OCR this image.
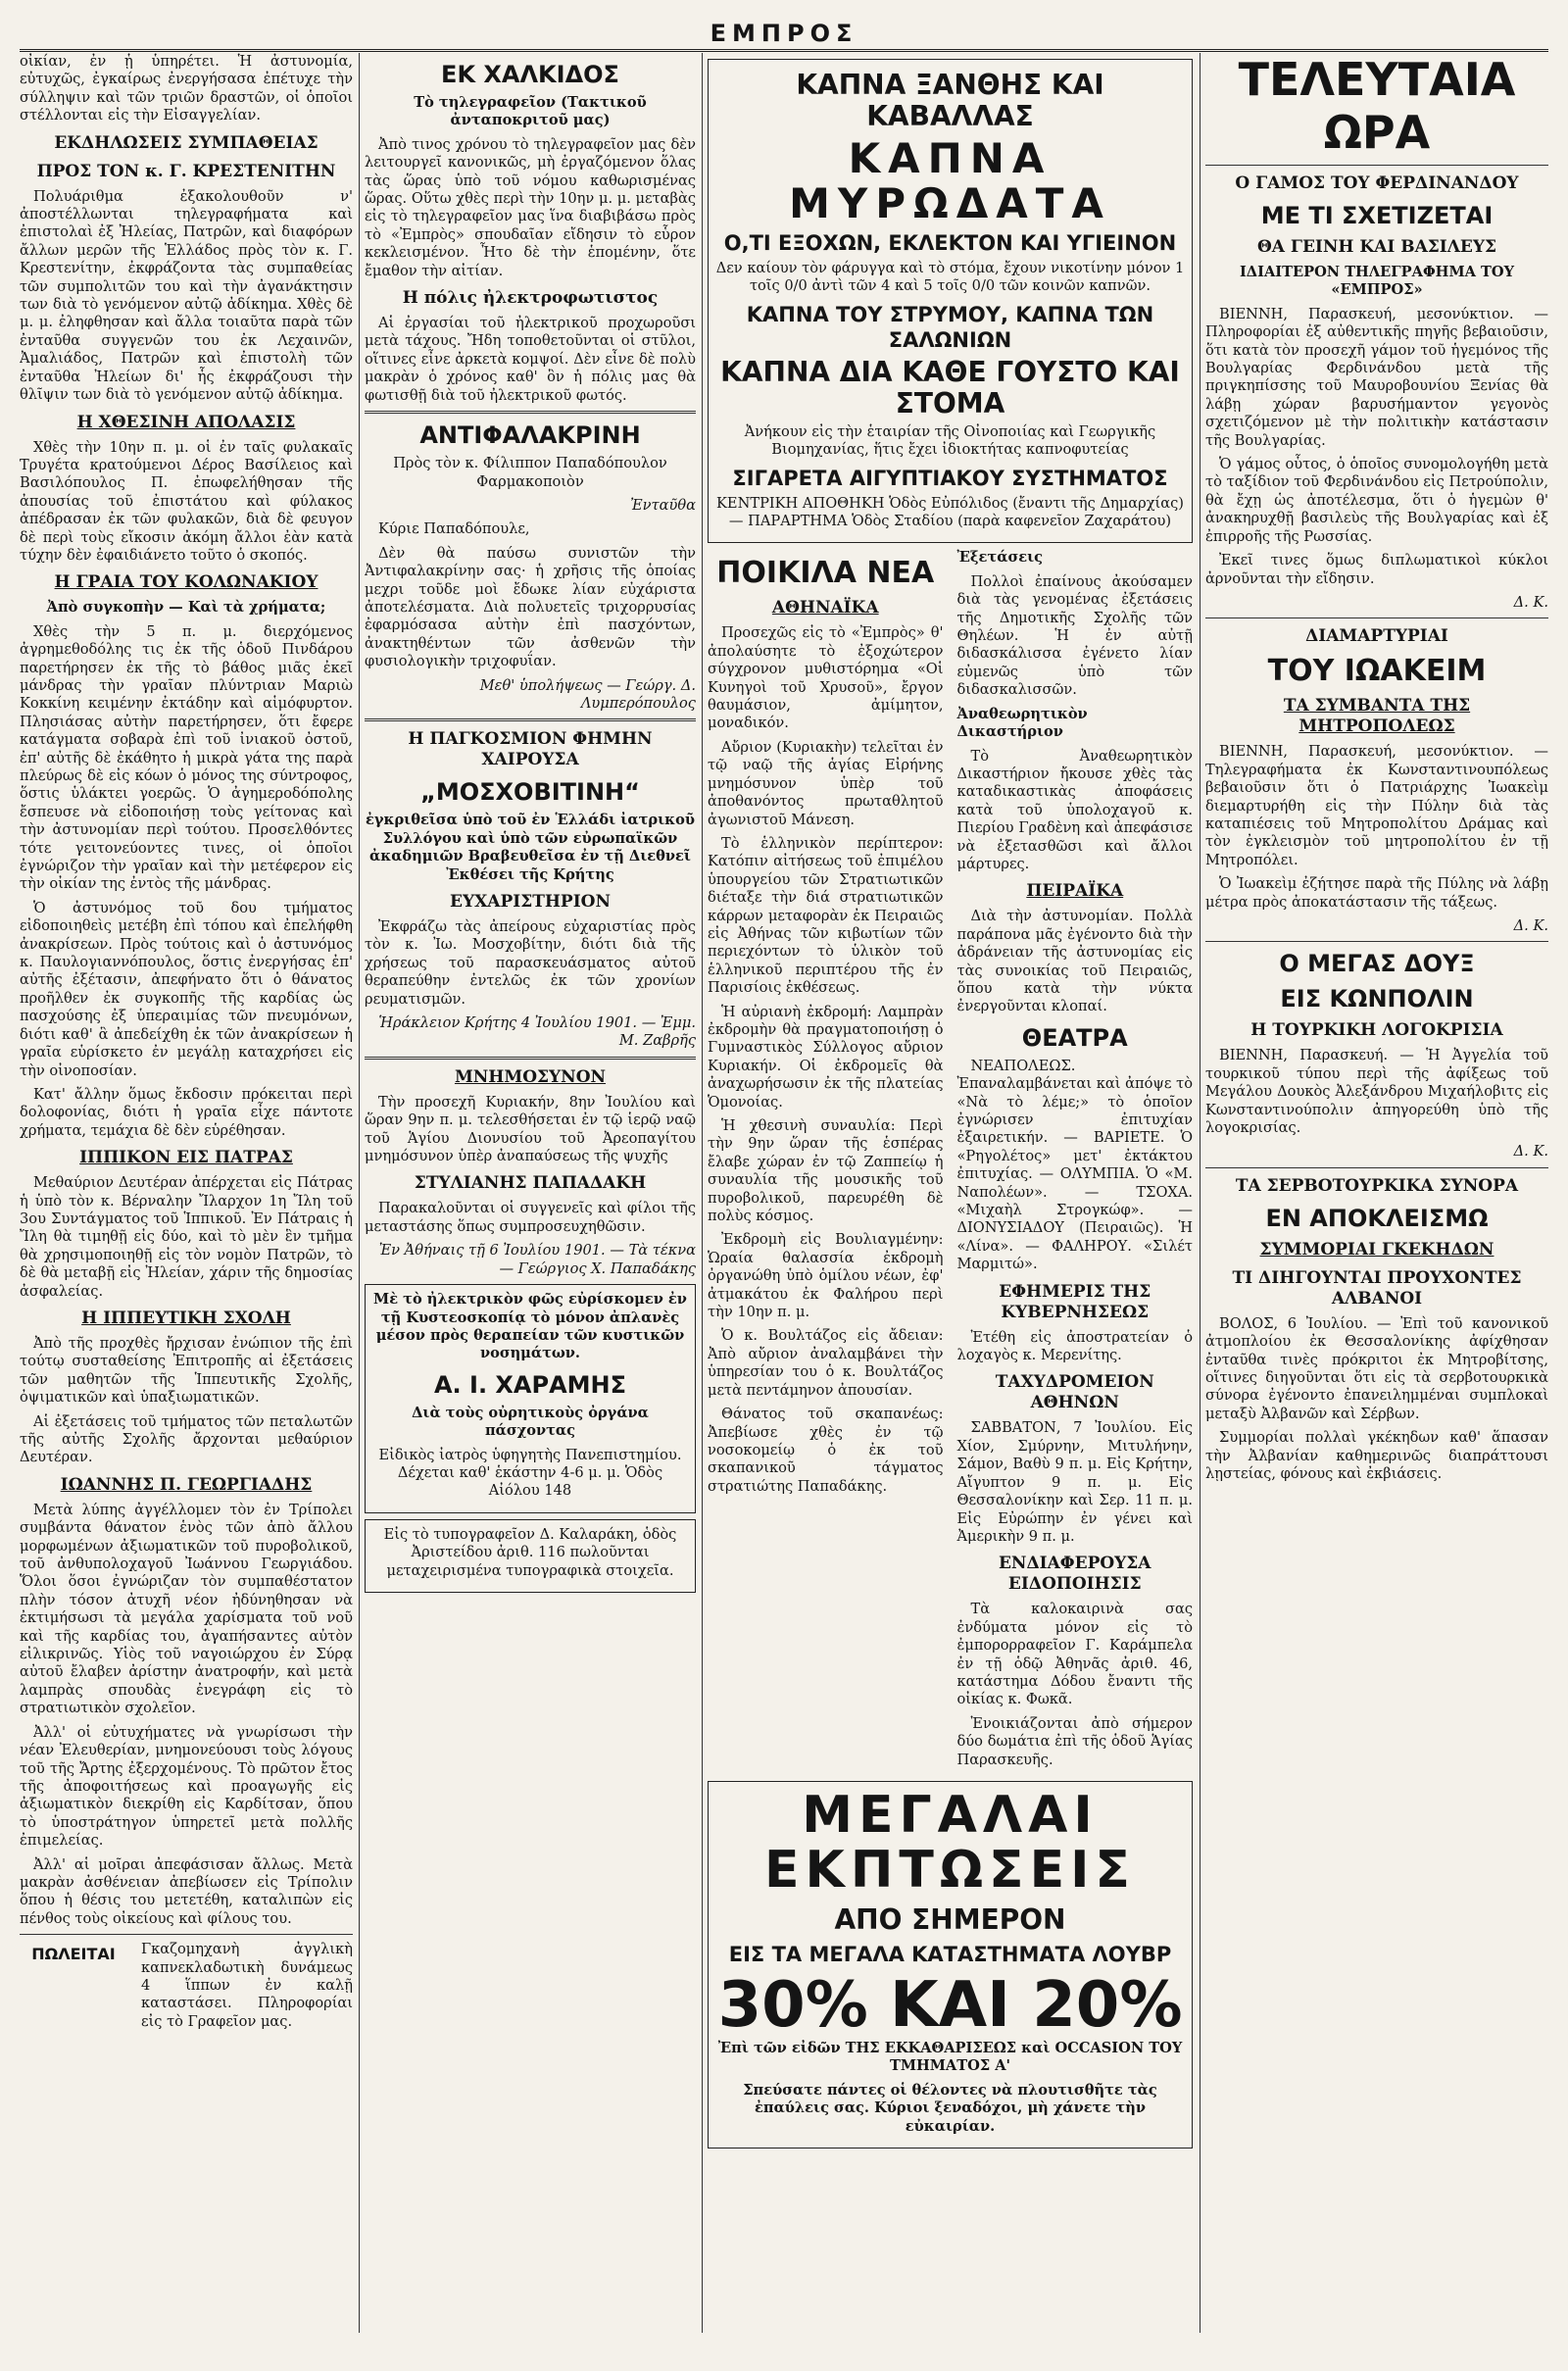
ΕΜΠΡΟΣ

οἰκίαν, ἐν ᾗ ὑπηρέτει. Ἡ ἀστυνομία, εὐτυχῶς, ἐγκαίρως ἐνεργήσασα ἐπέτυχε τὴν σύλληψιν καὶ τῶν τριῶν δραστῶν, οἱ ὁποῖοι στέλλονται εἰς τὴν Εἰσαγγελίαν.

ΕΚΔΗΛΩΣΕΙΣ ΣΥΜΠΑΘΕΙΑΣ
ΠΡΟΣ ΤΟΝ κ. Γ. ΚΡΕΣΤΕΝΙΤΗΝ

Πολυάριθμα ἐξακολουθοῦν ν' ἀποστέλλωνται τηλεγραφήματα καὶ ἐπιστολαὶ ἐξ Ἠλείας, Πατρῶν, καὶ διαφόρων ἄλλων μερῶν τῆς Ἑλλάδος πρὸς τὸν κ. Γ. Κρεστενίτην, ἐκφράζοντα τὰς συμπαθείας τῶν συμπολιτῶν του καὶ τὴν ἀγανάκτησιν των διὰ τὸ γενόμενον αὐτῷ ἀδίκημα. Χθὲς δὲ μ. μ. ἐληφθησαν καὶ ἄλλα τοιαῦτα παρὰ τῶν ἐνταῦθα συγγενῶν του ἐκ Λεχαινῶν, Ἀμαλιάδος, Πατρῶν καὶ ἐπιστολὴ τῶν ἐνταῦθα Ἠλείων δι' ἧς ἐκφράζουσι τὴν θλῖψιν των διὰ τὸ γενόμενον αὐτῷ ἀδίκημα.

Η ΧΘΕΣΙΝΗ ΑΠΟΛΑΣΙΣ

Χθὲς τὴν 10ην π. μ. οἱ ἐν ταῖς φυλακαῖς Τρυγέτα κρατούμενοι Δέρος Βασίλειος καὶ Βασιλόπουλος Π. ἐπωφελήθησαν τῆς ἀπουσίας τοῦ ἐπιστάτου καὶ φύλακος ἀπέδρασαν ἐκ τῶν φυλακῶν, διὰ δὲ φευγον δὲ περὶ τοὺς εἴκοσιν ἀκόμη ἄλλοι ἐὰν κατὰ τύχην δὲν ἐφαιδιάνετο τοῦτο ὁ σκοπός.

Η ΓΡΑΙΑ ΤΟΥ ΚΟΛΩΝΑΚΙΟΥ

Ἀπὸ συγκοπὴν — Καὶ τὰ χρήματα;

Χθὲς τὴν 5 π. μ. διερχόμενος ἀγρημεθοδόλης τις ἐκ τῆς ὁδοῦ Πινδάρου παρετήρησεν ἐκ τῆς τὸ βάθος μιᾶς ἐκεῖ μάνδρας τὴν γραῖαν πλύντριαν Μαριὼ Κοκκίνη κειμένην ἐκτάδην καὶ αἱμόφυρτον. Πλησιάσας αὐτὴν παρετήρησεν, ὅτι ἔφερε κατάγματα σοβαρὰ ἐπὶ τοῦ ἰνιακοῦ ὀστοῦ, ἐπ' αὐτῆς δὲ ἐκάθητο ἡ μικρὰ γάτα της παρὰ πλεύρως δὲ εἰς κόων ὁ μόνος της σύντροφος, ὅστις ὑλάκτει γοερῶς. Ὁ ἀγημεροδόπολης ἔσπευσε νὰ εἰδοποιήσῃ τοὺς γείτονας καὶ τὴν ἀστυνομίαν περὶ τούτου. Προσελθόντες τότε γειτονεύοντες τινες, οἱ ὁποῖοι ἐγνώριζον τὴν γραῖαν καὶ τὴν μετέφερον εἰς τὴν οἰκίαν της ἐντὸς τῆς μάνδρας.

Ὁ ἀστυνόμος τοῦ δου τμήματος εἰδοποιηθεὶς μετέβη ἐπὶ τόπου καὶ ἐπελήφθη ἀνακρίσεων. Πρὸς τούτοις καὶ ὁ ἀστυνόμος κ. Παυλογιαννόπουλος, ὅστις ἐνεργήσας ἐπ' αὐτῆς ἐξέτασιν, ἀπεφήνατο ὅτι ὁ θάνατος προῆλθεν ἐκ συγκοπῆς τῆς καρδίας ὡς πασχούσης ἐξ ὑπεραιμίας τῶν πνευμόνων, διότι καθ' ἃ ἀπεδείχθη ἐκ τῶν ἀνακρίσεων ἡ γραῖα εὑρίσκετο ἐν μεγάλῃ καταχρήσει εἰς τὴν οἰνοποσίαν.

Κατ' ἄλλην ὅμως ἔκδοσιν πρόκειται περὶ δολοφονίας, διότι ἡ γραῖα εἶχε πάντοτε χρήματα, τεμάχια δὲ δὲν εὑρέθησαν.

ΙΠΠΙΚΟΝ ΕΙΣ ΠΑΤΡΑΣ

Μεθαύριον Δευτέραν ἀπέρχεται εἰς Πάτρας ἡ ὑπὸ τὸν κ. Βέρναλην Ἴλαρχον 1η Ἴλη τοῦ 3ου Συντάγματος τοῦ Ἱππικοῦ. Ἐν Πάτραις ἡ Ἴλη θὰ τιμηθῇ εἰς δύο, καὶ τὸ μὲν ἓν τμῆμα θὰ χρησιμοποιηθῇ εἰς τὸν νομὸν Πατρῶν, τὸ δὲ θὰ μεταβῇ εἰς Ἠλείαν, χάριν τῆς δημοσίας ἀσφαλείας.

Η ΙΠΠΕΥΤΙΚΗ ΣΧΟΛΗ

Ἀπὸ τῆς προχθὲς ἤρχισαν ἐνώπιον τῆς ἐπὶ τούτῳ συσταθείσης Ἐπιτροπῆς αἱ ἐξετάσεις τῶν μαθητῶν τῆς Ἱππευτικῆς Σχολῆς, ὀψιματικῶν καὶ ὑπαξιωματικῶν.

Αἱ ἐξετάσεις τοῦ τμήματος τῶν πεταλωτῶν τῆς αὐτῆς Σχολῆς ἄρχονται μεθαύριον Δευτέραν.

ΙΩΑΝΝΗΣ Π. ΓΕΩΡΓΙΑΔΗΣ

Μετὰ λύπης ἀγγέλλομεν τὸν ἐν Τρίπολει συμβάντα θάνατον ἑνὸς τῶν ἀπὸ ἄλλου μορφωμένων ἀξιωματικῶν τοῦ πυροβολικοῦ, τοῦ ἀνθυπολοχαγοῦ Ἰωάννου Γεωργιάδου. Ὅλοι ὅσοι ἐγνώριζαν τὸν συμπαθέστατον πλὴν τόσον ἀτυχῆ νέον ἠδύνηθησαν νὰ ἐκτιμήσωσι τὰ μεγάλα χαρίσματα τοῦ νοῦ καὶ τῆς καρδίας του, ἀγαπήσαντες αὐτὸν εἰλικρινῶς. Υἱὸς τοῦ ναγοιώρχου ἐν Σύρᾳ αὐτοῦ ἔλαβεν ἀρίστην ἀνατροφήν, καὶ μετὰ λαμπρὰς σπουδὰς ἐνεγράφη εἰς τὸ στρατιωτικὸν σχολεῖον.

Ἀλλ' οἱ εὐτυχήματες νὰ γνωρίσωσι τὴν νέαν Ἐλευθερίαν, μνημονεύουσι τοὺς λόγους τοῦ τῆς Ἄρτης ἐξερχομένους. Τὸ πρῶτον ἔτος τῆς ἀποφοιτήσεως καὶ προαγωγῆς εἰς ἀξιωματικὸν διεκρίθη εἰς Καρδίτσαν, ὅπου τὸ ὑποστράτηγον ὑπηρετεῖ μετὰ πολλῆς ἐπιμελείας.

Ἀλλ' αἱ μοῖραι ἀπεφάσισαν ἄλλως. Μετὰ μακρὰν ἀσθένειαν ἀπεβίωσεν εἰς Τρίπολιν ὅπου ἡ θέσις του μετετέθη, καταλιπὼν εἰς πένθος τοὺς οἰκείους καὶ φίλους του.

ΠΩΛΕΙΤΑΙ	Γκαζομηχανὴ ἀγγλικὴ καπνεκλαδωτικὴ δυνάμεως 4 ἵππων ἐν καλῇ καταστάσει. Πληροφορίαι εἰς τὸ Γραφεῖον μας.

ΕΚ ΧΑΛΚΙΔΟΣ

Τὸ τηλεγραφεῖον (Τακτικοῦ ἀνταποκριτοῦ μας)

Ἀπὸ τινος χρόνου τὸ τηλεγραφεῖον μας δὲν λειτουργεῖ κανονικῶς, μὴ ἐργαζόμενον ὅλας τὰς ὥρας ὑπὸ τοῦ νόμου καθωρισμένας ὥρας. Οὕτω χθὲς περὶ τὴν 10ην μ. μ. μεταβὰς εἰς τὸ τηλεγραφεῖον μας ἵνα διαβιβάσω πρὸς τὸ «Ἐμπρὸς» σπουδαῖαν εἴδησιν τὸ εὗρον κεκλεισμένον. Ἦτο δὲ τὴν ἑπομένην, ὅτε ἔμαθον τὴν αἰτίαν.

Η πόλις ἠλεκτροφωτιστος

Αἱ ἐργασίαι τοῦ ἠλεκτρικοῦ προχωροῦσι μετὰ τάχους. Ἤδη τοποθετοῦνται οἱ στῦλοι, οἵτινες εἶνε ἀρκετὰ κομψοί. Δὲν εἶνε δὲ πολὺ μακρὰν ὁ χρόνος καθ' ὃν ἡ πόλις μας θὰ φωτισθῇ διὰ τοῦ ἠλεκτρικοῦ φωτός.

ΑΝΤΙΦΑΛΑΚΡΙΝΗ

Πρὸς τὸν κ. Φίλιππον Παπαδόπουλον Φαρμακοποιὸν

Ἐνταῦθα

Κύριε Παπαδόπουλε,

Δὲν θὰ παύσω συνιστῶν τὴν Ἀντιφαλακρίνην σας· ἡ χρῆσις τῆς ὁποίας μεχρι τοῦδε μοὶ ἔδωκε λίαν εὐχάριστα ἀποτελέσματα. Διὰ πολυετεῖς τριχορρυσίας ἐφαρμόσασα αὐτὴν ἐπὶ πασχόντων, ἀνακτηθέντων τῶν ἀσθενῶν τὴν φυσιολογικὴν τριχοφυΐαν.

Μεθ' ὑπολήψεως — Γεώργ. Δ. Λυμπερόπουλος

Η ΠΑΓΚΟΣΜΙΟΝ ΦΗΜΗΝ ΧΑΙΡΟΥΣΑ
„ΜΟΣΧΟΒΙΤΙΝΗ“

ἐγκριθεῖσα ὑπὸ τοῦ ἐν Ἑλλάδι ἰατρικοῦ Συλλόγου καὶ ὑπὸ τῶν εὐρωπαϊκῶν ἀκαδημιῶν Βραβευθεῖσα ἐν τῇ Διεθνεῖ Ἐκθέσει τῆς Κρήτης

ΕΥΧΑΡΙΣΤΗΡΙΟΝ

Ἐκφράζω τὰς ἀπείρους εὐχαριστίας πρὸς τὸν κ. Ἰω. Μοσχοβίτην, διότι διὰ τῆς χρήσεως τοῦ παρασκευάσματος αὐτοῦ θεραπεύθην ἐντελῶς ἐκ τῶν χρονίων ρευματισμῶν.

Ἡράκλειον Κρήτης 4 Ἰουλίου 1901. — Ἐμμ. Μ. Ζαβρῆς

ΜΝΗΜΟΣΥΝΟΝ

Τὴν προσεχῆ Κυριακήν, 8ην Ἰουλίου καὶ ὥραν 9ην π. μ. τελεσθήσεται ἐν τῷ ἱερῷ ναῷ τοῦ Ἁγίου Διονυσίου τοῦ Ἀρεοπαγίτου μνημόσυνον ὑπὲρ ἀναπαύσεως τῆς ψυχῆς

ΣΤΥΛΙΑΝΗΣ ΠΑΠΑΔΑΚΗ

Παρακαλοῦνται οἱ συγγενεῖς καὶ φίλοι τῆς μεταστάσης ὅπως συμπροσευχηθῶσιν.

Ἐν Ἀθήναις τῇ 6 Ἰουλίου 1901. — Τὰ τέκνα — Γεώργιος Χ. Παπαδάκης

Μὲ τὸ ἠλεκτρικὸν φῶς εὐρίσκομεν ἐν τῇ Κυστεοσκοπίᾳ τὸ μόνον ἀπλανὲς μέσον πρὸς θεραπείαν τῶν κυστικῶν νοσημάτων.

Α. Ι. ΧΑΡΑΜΗΣ

Διὰ τοὺς οὐρητικοὺς ὀργάνα πάσχοντας

Εἰδικὸς ἰατρὸς ὑφηγητὴς Πανεπιστημίου. Δέχεται καθ' ἑκάστην 4-6 μ. μ. Ὁδὸς Αἰόλου 148

Εἰς τὸ τυπογραφεῖον Δ. Καλαράκη, ὁδὸς Ἀριστείδου ἀριθ. 116 πωλοῦνται μεταχειρισμένα τυπογραφικὰ στοιχεῖα.

ΚΑΠΝΑ ΞΑΝΘΗΣ ΚΑΙ ΚΑΒΑΛΛΑΣ
ΚΑΠΝΑ ΜΥΡΩΔΑΤΑ
Ο,ΤΙ ΕΞΟΧΩΝ, ΕΚΛΕΚΤΟΝ ΚΑΙ ΥΓΙΕΙΝΟΝ

Δεν καίουν τὸν φάρυγγα καὶ τὸ στόμα, ἔχουν νικοτίνην μόνον 1 τοῖς 0/0 ἀντὶ τῶν 4 καὶ 5 τοῖς 0/0 τῶν κοινῶν καπνῶν.

ΚΑΠΝΑ ΤΟΥ ΣΤΡΥΜΟΥ, ΚΑΠΝΑ ΤΩΝ ΣΑΛΩΝΙΩΝ
ΚΑΠΝΑ ΔΙΑ ΚΑΘΕ ΓΟΥΣΤΟ ΚΑΙ ΣΤΟΜΑ

Ἀνήκουν εἰς τὴν ἑταιρίαν τῆς Οἰνοποιίας καὶ Γεωργικῆς Βιομηχανίας, ἥτις ἔχει ἰδιοκτήτας καπνοφυτείας

ΣΙΓΑΡΕΤΑ ΑΙΓΥΠΤΙΑΚΟΥ ΣΥΣΤΗΜΑΤΟΣ

ΚΕΝΤΡΙΚΗ ΑΠΟΘΗΚΗ Ὁδὸς Εὐπόλιδος (ἔναντι τῆς Δημαρχίας) — ΠΑΡΑΡΤΗΜΑ Ὁδὸς Σταδίου (παρὰ καφενεῖον Ζαχαράτου)

ΠΟΙΚΙΛΑ ΝΕΑ
ΑΘΗΝΑΪΚΑ

Προσεχῶς εἰς τὸ «Ἐμπρὸς» θ' ἀπολαύσητε τὸ ἐξοχώτερον σύγχρονον μυθιστόρημα «Οἱ Κυνηγοὶ τοῦ Χρυσοῦ», ἔργον θαυμάσιον, ἀμίμητον, μοναδικόν.

Αὔριον (Κυριακὴν) τελεῖται ἐν τῷ ναῷ τῆς ἁγίας Εἰρήνης μνημόσυνον ὑπὲρ τοῦ ἀποθανόντος πρωταθλητοῦ ἀγωνιστοῦ Μάνεση.

Τὸ ἑλληνικὸν περίπτερον: Κατόπιν αἰτήσεως τοῦ ἐπιμέλου ὑπουργείου τῶν Στρατιωτικῶν διέταξε τὴν διά στρατιωτικῶν κάρρων μεταφορὰν ἐκ Πειραιῶς εἰς Ἀθήνας τῶν κιβωτίων τῶν περιεχόντων τὸ ὑλικὸν τοῦ ἑλληνικοῦ περιπτέρου τῆς ἐν Παρισίοις ἐκθέσεως.

Ἡ αὐριανὴ ἐκδρομή: Λαμπρὰν ἐκδρομὴν θὰ πραγματοποιήσῃ ὁ Γυμναστικὸς Σύλλογος αὔριον Κυριακήν. Οἱ ἐκδρομεῖς θὰ ἀναχωρήσωσιν ἐκ τῆς πλατείας Ὁμονοίας.

Ἡ χθεσινὴ συναυλία: Περὶ τὴν 9ην ὥραν τῆς ἑσπέρας ἔλαβε χώραν ἐν τῷ Ζαππείῳ ἡ συναυλία τῆς μουσικῆς τοῦ πυροβολικοῦ, παρευρέθη δὲ πολὺς κόσμος.

Ἐκδρομὴ εἰς Βουλιαγμένην: Ὡραία θαλασσία ἐκδρομὴ ὀργανώθη ὑπὸ ὁμίλου νέων, ἐφ' ἀτμακάτου ἐκ Φαλήρου περὶ τὴν 10ην π. μ.

Ὁ κ. Βουλτάζος εἰς ἄδειαν: Ἀπὸ αὔριον ἀναλαμβάνει τὴν ὑπηρεσίαν του ὁ κ. Βουλτάζος μετὰ πεντάμηνον ἀπουσίαν.

Θάνατος τοῦ σκαπανέως: Ἀπεβίωσε χθὲς ἐν τῷ νοσοκομείῳ ὁ ἐκ τοῦ σκαπανικοῦ τάγματος στρατιώτης Παπαδάκης.

Ἐξετάσεις

Πολλοὶ ἐπαίνους ἀκούσαμεν διὰ τὰς γενομένας ἐξετάσεις τῆς Δημοτικῆς Σχολῆς τῶν Θηλέων. Ἡ ἐν αὐτῇ διδασκάλισσα ἐγένετο λίαν εὐμενῶς ὑπὸ τῶν διδασκαλισσῶν.

Ἀναθεωρητικὸν Δικαστήριον

Τὸ Ἀναθεωρητικὸν Δικαστήριον ἤκουσε χθὲς τὰς καταδικαστικὰς ἀποφάσεις κατὰ τοῦ ὑπολοχαγοῦ κ. Πιερίου Γραδὲνη καὶ ἀπεφάσισε νὰ ἐξετασθῶσι καὶ ἄλλοι μάρτυρες.

ΠΕΙΡΑΪΚΑ

Διὰ τὴν ἀστυνομίαν. Πολλὰ παράπονα μᾶς ἐγένοντο διὰ τὴν ἀδράνειαν τῆς ἀστυνομίας εἰς τὰς συνοικίας τοῦ Πειραιῶς, ὅπου κατὰ τὴν νύκτα ἐνεργοῦνται κλοπαί.

ΘΕΑΤΡΑ

ΝΕΑΠΟΛΕΩΣ. Ἐπαναλαμβάνεται καὶ ἀπόψε τὸ «Νὰ τὸ λέμε;» τὸ ὁποῖον ἐγνώρισεν ἐπιτυχίαν ἐξαιρετικήν. — ΒΑΡΙΕΤΕ. Ὁ «Ρηγολέτος» μετ' ἐκτάκτου ἐπιτυχίας. — ΟΛΥΜΠΙΑ. Ὁ «Μ. Ναπολέων». — ΤΣΟΧΑ. «Μιχαὴλ Στρογκώφ». — ΔΙΟΝΥΣΙΑΔΟΥ (Πειραιῶς). Ἡ «Λίνα». — ΦΑΛΗΡΟΥ. «Σιλέτ Μαρμιτώ».

ΕΦΗΜΕΡΙΣ ΤΗΣ ΚΥΒΕΡΝΗΣΕΩΣ

Ἐτέθη εἰς ἀποστρατείαν ὁ λοχαγὸς κ. Μερενίτης.

ΤΑΧΥΔΡΟΜΕΙΟΝ ΑΘΗΝΩΝ

ΣΑΒΒΑΤΟΝ, 7 Ἰουλίου. Εἰς Χίον, Σμύρνην, Μιτυλήνην, Σάμον, Βαθὺ 9 π. μ. Εἰς Κρήτην, Αἴγυπτον 9 π. μ. Εἰς Θεσσαλονίκην καὶ Σερ. 11 π. μ. Εἰς Εὐρώπην ἐν γένει καὶ Ἀμερικὴν 9 π. μ.

ΕΝΔΙΑΦΕΡΟΥΣΑ ΕΙΔΟΠΟΙΗΣΙΣ

Τὰ καλοκαιρινὰ σας ἐνδύματα μόνον εἰς τὸ ἐμπορορραφεῖον Γ. Καράμπελα ἐν τῇ ὁδῷ Ἀθηνᾶς ἀριθ. 46, κατάστημα Δόδου ἔναντι τῆς οἰκίας κ. Φωκᾶ.

Ἐνοικιάζονται ἀπὸ σήμερον δύο δωμάτια ἐπὶ τῆς ὁδοῦ Ἁγίας Παρασκευῆς.

ΜΕΓΑΛΑΙ ΕΚΠΤΩΣΕΙΣ
ΑΠΟ ΣΗΜΕΡΟΝ
ΕΙΣ ΤΑ ΜΕΓΑΛΑ ΚΑΤΑΣΤΗΜΑΤΑ ΛΟΥΒΡ
30% ΚΑΙ 20%

Ἐπὶ τῶν εἰδῶν ΤΗΣ ΕΚΚΑΘΑΡΙΣΕΩΣ καὶ OCCASION ΤΟΥ ΤΜΗΜΑΤΟΣ Α'

Σπεύσατε πάντες οἱ θέλοντες νὰ πλουτισθῆτε τὰς ἐπαύλεις σας. Κύριοι ξεναδόχοι, μὴ χάνετε τὴν εὐκαιρίαν.

ΤΕΛΕΥΤΑΙΑ ΩΡΑ
Ο ΓΑΜΟΣ ΤΟΥ ΦΕΡΔΙΝΑΝΔΟΥ
ΜΕ ΤΙ ΣΧΕΤΙΖΕΤΑΙ
ΘΑ ΓΕΙΝΗ ΚΑΙ ΒΑΣΙΛΕΥΣ

ΙΔΙΑΙΤΕΡΟΝ ΤΗΛΕΓΡΑΦΗΜΑ ΤΟΥ «ΕΜΠΡΟΣ»

ΒΙΕΝΝΗ, Παρασκευή, μεσονύκτιον. — Πληροφορίαι ἐξ αὐθεντικῆς πηγῆς βεβαιοῦσιν, ὅτι κατὰ τὸν προσεχῆ γάμον τοῦ ἡγεμόνος τῆς Βουλγαρίας Φερδινάνδου μετὰ τῆς πριγκηπίσσης τοῦ Μαυροβουνίου Ξενίας θὰ λάβῃ χώραν βαρυσήμαντον γεγονὸς σχετιζόμενον μὲ τὴν πολιτικὴν κατάστασιν τῆς Βουλγαρίας.

Ὁ γάμος οὗτος, ὁ ὁποῖος συνομολογήθη μετὰ τὸ ταξίδιον τοῦ Φερδινάνδου εἰς Πετρούπολιν, θὰ ἔχῃ ὡς ἀποτέλεσμα, ὅτι ὁ ἡγεμὼν θ' ἀνακηρυχθῇ βασιλεὺς τῆς Βουλγαρίας καὶ ἐξ ἐπιρροῆς τῆς Ρωσσίας.

Ἐκεῖ τινες ὅμως διπλωματικοὶ κύκλοι ἀρνοῦνται τὴν εἴδησιν.

Δ. Κ.

ΔΙΑΜΑΡΤΥΡΙΑΙ
ΤΟΥ ΙΩΑΚΕΙΜ
ΤΑ ΣΥΜΒΑΝΤΑ ΤΗΣ ΜΗΤΡΟΠΟΛΕΩΣ

ΒΙΕΝΝΗ, Παρασκευή, μεσονύκτιον. — Τηλεγραφήματα ἐκ Κωνσταντινουπόλεως βεβαιοῦσιν ὅτι ὁ Πατριάρχης Ἰωακεὶμ διεμαρτυρήθη εἰς τὴν Πύλην διὰ τὰς καταπιέσεις τοῦ Μητροπολίτου Δράμας καὶ τὸν ἐγκλεισμὸν τοῦ μητροπολίτου ἐν τῇ Μητροπόλει.

Ὁ Ἰωακεὶμ ἐζήτησε παρὰ τῆς Πύλης νὰ λάβῃ μέτρα πρὸς ἀποκατάστασιν τῆς τάξεως.

Δ. Κ.

Ο ΜΕΓΑΣ ΔΟΥΞ
ΕΙΣ ΚΩΝΠΟΛΙΝ
Η ΤΟΥΡΚΙΚΗ ΛΟΓΟΚΡΙΣΙΑ

ΒΙΕΝΝΗ, Παρασκευή. — Ἡ Ἀγγελία τοῦ τουρκικοῦ τύπου περὶ τῆς ἀφίξεως τοῦ Μεγάλου Δουκὸς Ἀλεξάνδρου Μιχαήλοβιτς εἰς Κωνσταντινούπολιν ἀπηγορεύθη ὑπὸ τῆς λογοκρισίας.

Δ. Κ.

ΤΑ ΣΕΡΒΟΤΟΥΡΚΙΚΑ ΣΥΝΟΡΑ
ΕΝ ΑΠΟΚΛΕΙΣΜΩ
ΣΥΜΜΟΡΙΑΙ ΓΚΕΚΗΔΩΝ
ΤΙ ΔΙΗΓΟΥΝΤΑΙ ΠΡΟΥΧΟΝΤΕΣ ΑΛΒΑΝΟΙ

ΒΟΛΟΣ, 6 Ἰουλίου. — Ἐπὶ τοῦ κανονικοῦ ἀτμοπλοίου ἐκ Θεσσαλονίκης ἀφίχθησαν ἐνταῦθα τινὲς πρόκριτοι ἐκ Μητροβίτσης, οἵτινες διηγοῦνται ὅτι εἰς τὰ σερβοτουρκικὰ σύνορα ἐγένοντο ἐπανειλημμέναι συμπλοκαὶ μεταξὺ Ἀλβανῶν καὶ Σέρβων.

Συμμορίαι πολλαὶ γκέκηδων καθ' ἅπασαν τὴν Ἀλβανίαν καθημερινῶς διαπράττουσι λῃστείας, φόνους καὶ ἐκβιάσεις.
